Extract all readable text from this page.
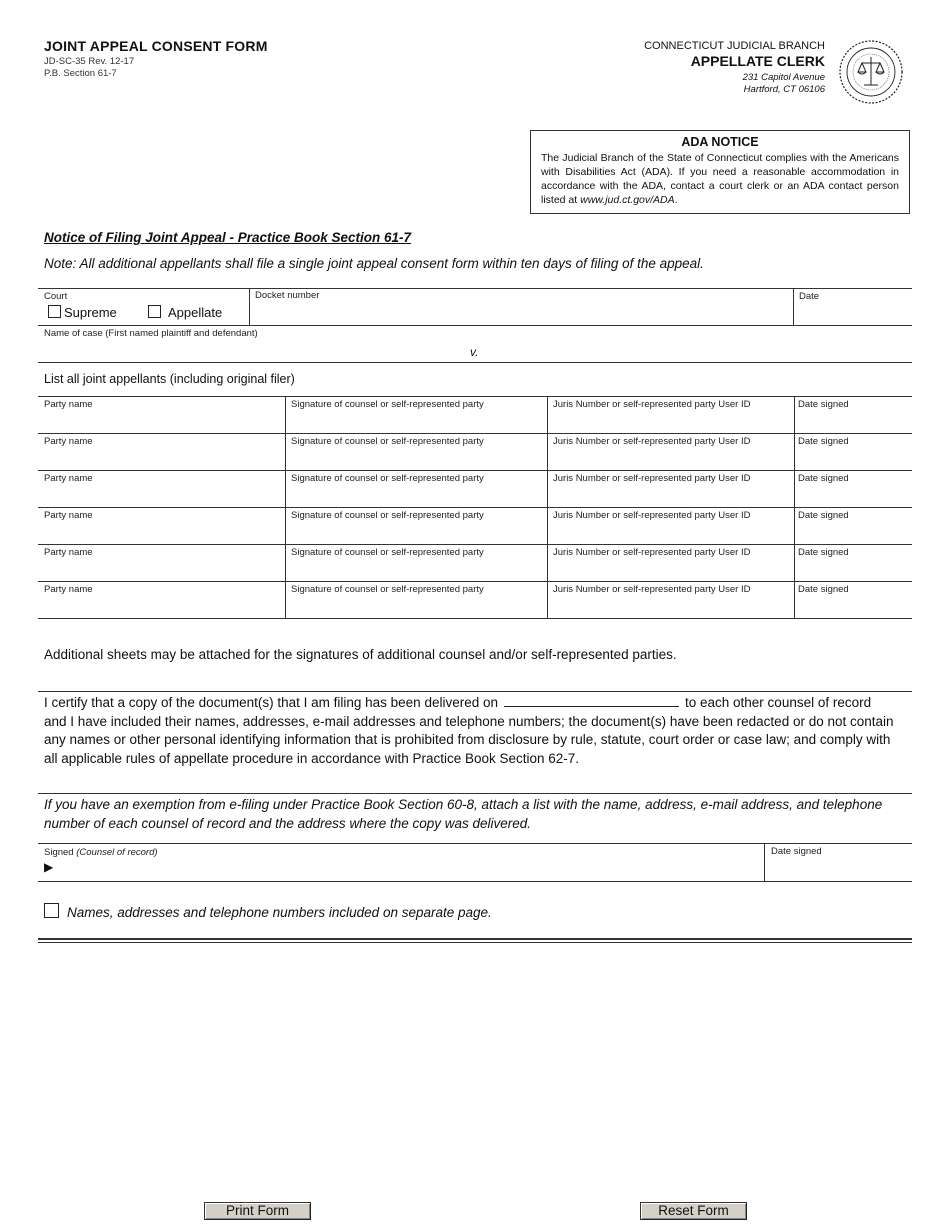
JOINT APPEAL CONSENT FORM
JD-SC-35 Rev. 12-17
P.B. Section 61-7
CONNECTICUT JUDICIAL BRANCH
APPELLATE CLERK
231 Capitol Avenue
Hartford, CT 06106
ADA NOTICE
The Judicial Branch of the State of Connecticut complies with the Americans with Disabilities Act (ADA). If you need a reasonable accommodation in accordance with the ADA, contact a court clerk or an ADA contact person listed at www.jud.ct.gov/ADA.
Notice of Filing Joint Appeal - Practice Book Section 61-7
Note: All additional appellants shall file a single joint appeal consent form within ten days of filing of the appeal.
Court
Supreme	Appellate
Docket number	Date
Name of case (First named plaintiff and defendant)
v.
List all joint appellants (including original filer)
Party name	Signature of counsel or self-represented party	Juris Number or self-represented party User ID	Date signed
Party name	Signature of counsel or self-represented party	Juris Number or self-represented party User ID	Date signed
Party name	Signature of counsel or self-represented party	Juris Number or self-represented party User ID	Date signed
Party name	Signature of counsel or self-represented party	Juris Number or self-represented party User ID	Date signed
Party name	Signature of counsel or self-represented party	Juris Number or self-represented party User ID	Date signed
Party name	Signature of counsel or self-represented party	Juris Number or self-represented party User ID	Date signed
Additional sheets may be attached for the signatures of additional counsel and/or self-represented parties.
I certify that a copy of the document(s) that I am filing has been delivered on	to each other counsel of record and I have included their names, addresses, e-mail addresses and telephone numbers; the document(s) have been redacted or do not contain any names or other personal identifying information that is prohibited from disclosure by rule, statute, court order or case law; and comply with all applicable rules of appellate procedure in accordance with Practice Book Section 62-7.
If you have an exemption from e-filing under Practice Book Section 60-8, attach a list with the name, address, e-mail address, and telephone number of each counsel of record and the address where the copy was delivered.
Signed (Counsel of record)
▶
Date signed
Names, addresses and telephone numbers included on separate page.
Print Form	Reset Form
